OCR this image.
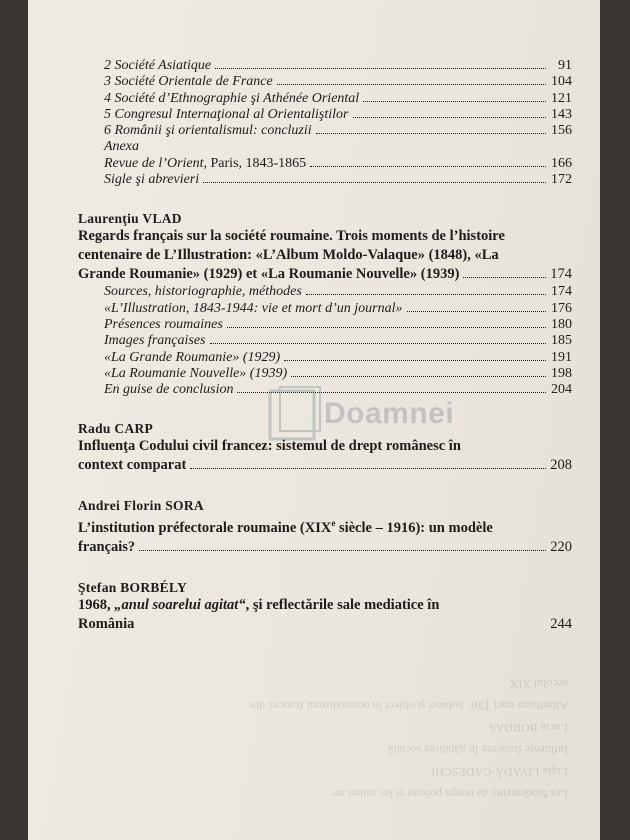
Les fondements du temps présent et les ruines ne
Ligia LIVADĂ-CADESCHI
Influenţe franceze în gândirea socială
Lucia BORDAS
Alteritatea unei Ţări: Subiect şi obiect în orientalismul francez din
secolul XIX
2 Société Asiatique	91
3 Société Orientale de France	104
4 Société d’Ethnographie şi Athénée Oriental	121
5 Congresul Internaţional al Orientaliştilor	143
6 Românii şi orientalismul: concluzii	156
Anexa
Revue de l’Orient, Paris, 1843-1865	166
Sigle şi abrevieri	172
Laurenţiu VLAD
Regards français sur la société roumaine. Trois moments de l’histoire
centenaire de L’Illustration: «L’Album Moldo-Valaque» (1848), «La
Grande Roumanie» (1929) et «La Roumanie Nouvelle» (1939)	174
Sources, historiographie, méthodes	174
«L’Illustration, 1843-1944: vie et mort d’un journal»	176
Présences roumaines	180
Images françaises	185
«La Grande Roumanie» (1929)	191
«La Roumanie Nouvelle» (1939)	198
En guise de conclusion	204
Radu CARP
Influenţa Codului civil francez: sistemul de drept românesc în
context comparat	208
Andrei Florin SORA
L’institution préfectorale roumaine (XIXe siècle – 1916): un modèle
français?	220
Ştefan BORBÉLY
1968, „anul soarelui agitat“, şi reflectările sale mediatice în
România	244
Doamnei
